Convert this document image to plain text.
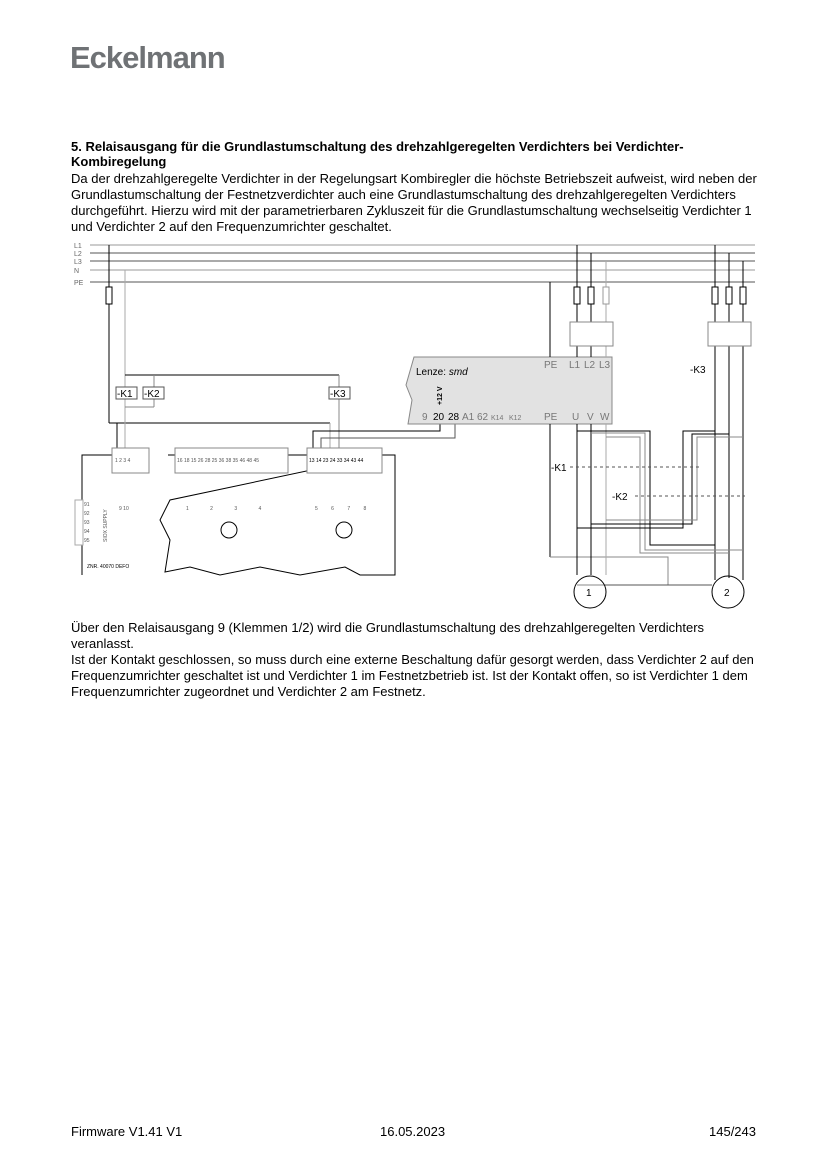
Eckelmann
5. Relaisausgang für die Grundlastumschaltung des drehzahlgeregelten Verdichters bei Verdichter-Kombiregelung
Da der drehzahlgeregelte Verdichter in der Regelungsart Kombiregler die höchste Betriebszeit aufweist, wird neben der Grundlastumschaltung der Festnetzverdichter auch eine Grundlastumschaltung des drehzahlgeregelten Verdichters durchgeführt. Hierzu wird mit der parametrierbaren Zykluszeit für die Grundlastumschaltung wechselseitig Verdichter 1 und Verdichter 2 auf den Frequenzumrichter geschaltet.
L1
L2
L3
N
PE
-K1 -K2	-K3
-K1
-K2
-K3
Lenze: smd
1	2
+12 V
PE L1 L2 L3
9 20 28 A1 62 K14 K12 PE U V W
1 2 3 4
9 10
16 18 15 26 28 25 36 38 35 46 48 45
1	2	3	4
13 14 23 24 33 34 43 44
5	6	7	8
91
92
93
94
95	SIOX SUPPLY
ZNR. 40070 DEFO
Über den Relaisausgang 9 (Klemmen 1/2) wird die Grundlastumschaltung des drehzahlgeregelten Verdichters veranlasst.
Ist der Kontakt geschlossen, so muss durch eine externe Beschaltung dafür gesorgt werden, dass Verdichter 2 auf den Frequenzumrichter geschaltet ist und Verdichter 1 im Festnetzbetrieb ist. Ist der Kontakt offen, so ist Verdichter 1 dem Frequenzumrichter zugeordnet und Verdichter 2 am Festnetz.
Firmware V1.41 V1	16.05.2023	145/243
